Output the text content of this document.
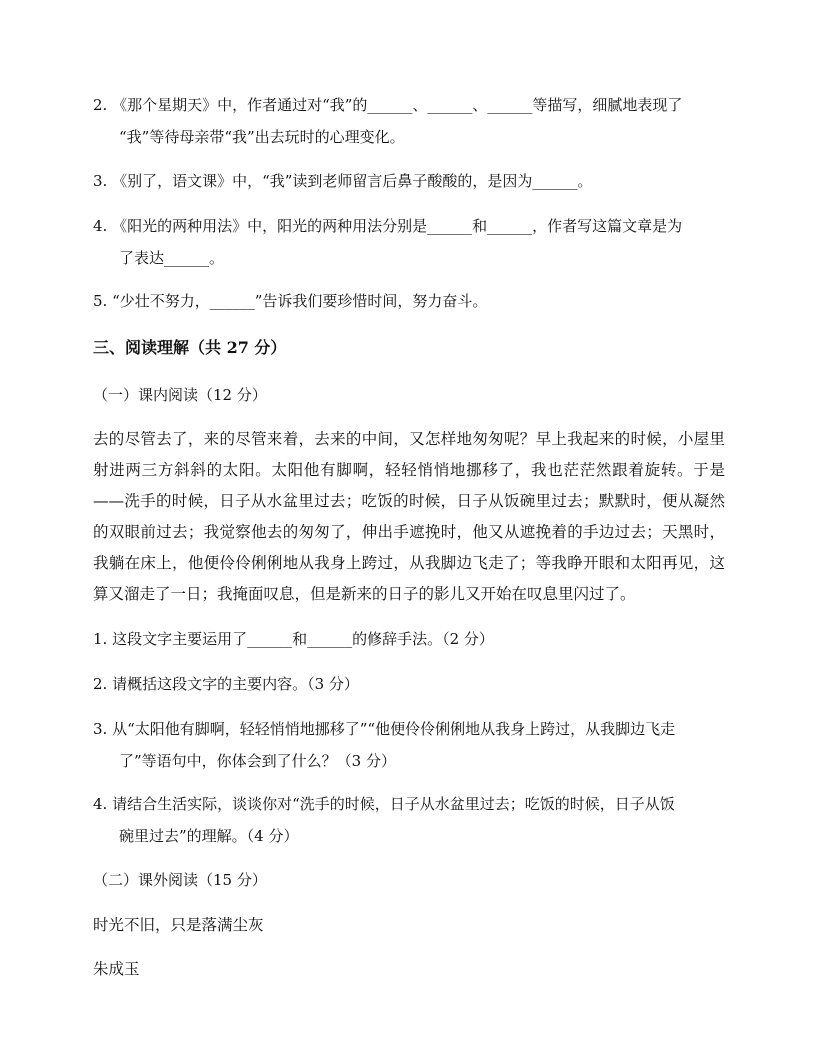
2. 《那个星期天》中，作者通过对“我”的______、______、______等描写，细腻地表现了
“我”等待母亲带“我”出去玩时的心理变化。

3. 《别了，语文课》中，“我”读到老师留言后鼻子酸酸的，是因为______。

4. 《阳光的两种用法》中，阳光的两种用法分别是______和______，作者写这篇文章是为
了表达______。

5. “少壮不努力，______”告诉我们要珍惜时间，努力奋斗。

三、阅读理解（共 27 分）

（一）课内阅读（12 分）

去的尽管去了，来的尽管来着，去来的中间，又怎样地匆匆呢？早上我起来的时候，小屋里射进两三方斜斜的太阳。太阳他有脚啊，轻轻悄悄地挪移了，我也茫茫然跟着旋转。于是——洗手的时候，日子从水盆里过去；吃饭的时候，日子从饭碗里过去；默默时，便从凝然的双眼前过去；我觉察他去的匆匆了，伸出手遮挽时，他又从遮挽着的手边过去；天黑时，我躺在床上，他便伶伶俐俐地从我身上跨过，从我脚边飞走了；等我睁开眼和太阳再见，这算又溜走了一日；我掩面叹息，但是新来的日子的影儿又开始在叹息里闪过了。

1. 这段文字主要运用了______和______的修辞手法。（2 分）

2. 请概括这段文字的主要内容。（3 分）

3. 从“太阳他有脚啊，轻轻悄悄地挪移了”“他便伶伶俐俐地从我身上跨过，从我脚边飞走
了”等语句中，你体会到了什么？（3 分）

4. 请结合生活实际，谈谈你对“洗手的时候，日子从水盆里过去；吃饭的时候，日子从饭
碗里过去”的理解。（4 分）

（二）课外阅读（15 分）

时光不旧，只是落满尘灰

朱成玉
